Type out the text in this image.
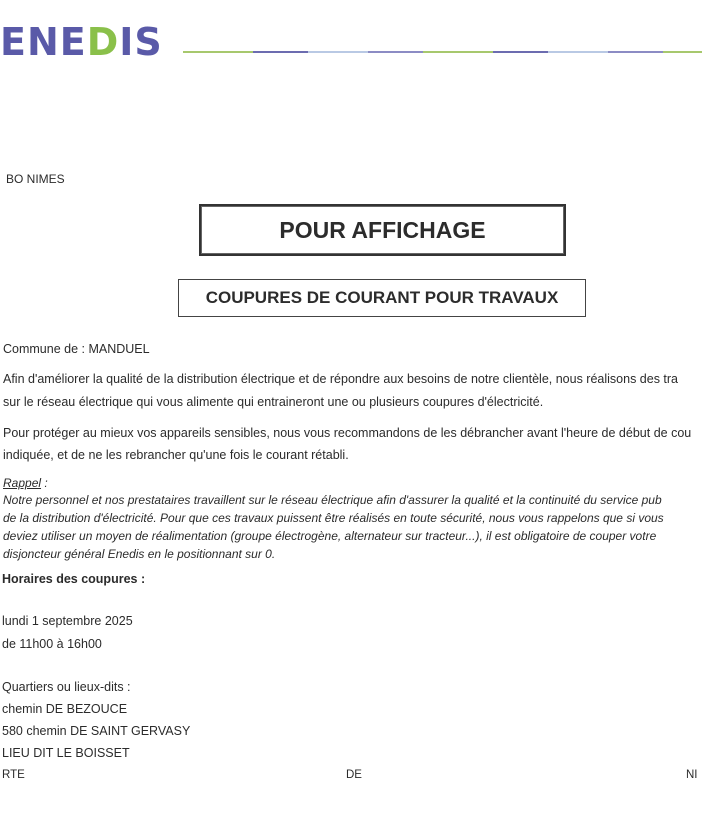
ENEDIS
BO NIMES
POUR AFFICHAGE
COUPURES DE COURANT POUR TRAVAUX
Commune de : MANDUEL
Afin d'améliorer la qualité de la distribution électrique et de répondre aux besoins de notre clientèle, nous réalisons des tra
sur le réseau électrique qui vous alimente qui entraineront une ou plusieurs coupures d'électricité.
Pour protéger au mieux vos appareils sensibles, nous vous recommandons de les débrancher avant l'heure de début de cou
indiquée, et de ne les rebrancher qu'une fois le courant rétabli.
Rappel :
Notre personnel et nos prestataires travaillent sur le réseau électrique afin d'assurer la qualité et la continuité du service pub
de la distribution d'électricité. Pour que ces travaux puissent être réalisés en toute sécurité, nous vous rappelons que si vous
deviez utiliser un moyen de réalimentation (groupe électrogène, alternateur sur tracteur...), il est obligatoire de couper votre
disjoncteur général Enedis en le positionnant sur 0.
Horaires des coupures :
lundi 1 septembre 2025
de 11h00 à 16h00
Quartiers ou lieux-dits :
chemin DE BEZOUCE
580 chemin DE SAINT GERVASY
LIEU DIT LE BOISSET
RTE	DE	NI
